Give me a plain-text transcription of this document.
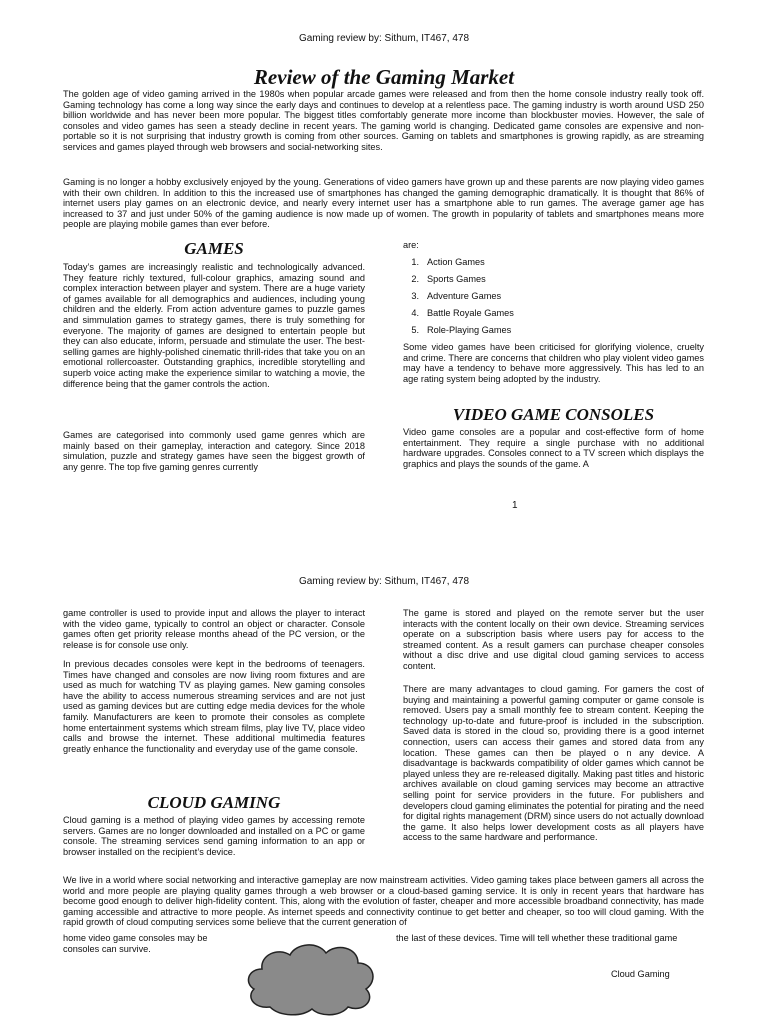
Gaming review by: Sithum, IT467, 478
Review of the Gaming Market

The golden age of video gaming arrived in the 1980s when popular arcade games were released and from then the home console industry really took off. Gaming technology has come a long way since the early days and continues to develop at a relentless pace. The gaming industry is worth around USD 250 billion worldwide and has never been more popular. The biggest titles comfortably generate more income than blockbuster movies. However, the sale of consoles and video games has seen a steady decline in recent years. The gaming world is changing. Dedicated game consoles are expensive and non-portable so it is not surprising that industry growth is coming from other sources. Gaming on tablets and smartphones is growing rapidly, as are streaming services and games played through web browsers and social-networking sites.

Gaming is no longer a hobby exclusively enjoyed by the young. Generations of video gamers have grown up and these parents are now playing video games with their own children. In addition to this the increased use of smartphones has changed the gaming demographic dramatically. It is thought that 86% of internet users play games on an electronic device, and nearly every internet user has a smartphone able to run games. The average gamer age has increased to 37 and just under 50% of the gaming audience is now made up of women. The growth in popularity of tablets and smartphones means more people are playing mobile games than ever before.

GAMES

Today’s games are increasingly realistic and technologically advanced. They feature richly textured, full-colour graphics, amazing sound and complex interaction between player and system. There are a huge variety of games available for all demographics and audiences, including young children and the elderly. From action adventure games to puzzle games and simmulation games to strategy games, there is truly something for everyone. The majority of games are designed to entertain people but they can also educate, inform, persuade and stimulate the user. The best-selling games are highly-polished cinematic thrill-rides that take you on an emotional rollercoaster. Outstanding graphics, incredible storytelling and superb voice acting make the experience similar to watching a movie, the difference being that the gamer controls the action.

Games are categorised into commonly used game genres which are mainly based on their gameplay, interaction and category. Since 2018 simulation, puzzle and strategy games have seen the biggest growth of any genre. The top five gaming genres currently

are:
1. Action Games
2. Sports Games
3. Adventure Games
4. Battle Royale Games
5. Role-Playing Games

Some video games have been criticised for glorifying violence, cruelty and crime. There are concerns that children who play violent video games may have a tendency to behave more aggressively. This has led to an age rating system being adopted by the industry.

VIDEO GAME CONSOLES

Video game consoles are a popular and cost-effective form of home entertainment. They require a single purchase with no additional hardware upgrades. Consoles connect to a TV screen which displays the graphics and plays the sounds of the game. A

1
Gaming review by: Sithum, IT467, 478

game controller is used to provide input and allows the player to interact with the video game, typically to control an object or character. Console games often get priority release months ahead of the PC version, or the release is for console use only.

In previous decades consoles were kept in the bedrooms of teenagers. Times have changed and consoles are now living room fixtures and are used as much for watching TV as playing games. New gaming consoles have the ability to access numerous streaming services and are not just used as gaming devices but are cutting edge media devices for the whole family. Manufacturers are keen to promote their consoles as complete home entertainment systems which stream films, play live TV, place video calls and browse the internet. These additional multimedia features greatly enhance the functionality and everyday use of the game console.

CLOUD GAMING

Cloud gaming is a method of playing video games by accessing remote servers. Games are no longer downloaded and installed on a PC or game console. The streaming services send gaming information to an app or browser installed on the recipient’s device.

The game is stored and played on the remote server but the user interacts with the content locally on their own device. Streaming services operate on a subscription basis where users pay for access to the streamed content. As a result gamers can purchase cheaper consoles without a disc drive and use digital cloud gaming services to access content.

There are many advantages to cloud gaming. For gamers the cost of buying and maintaining a powerful gaming computer or game console is removed. Users pay a small monthly fee to stream content. Keeping the technology up-to-date and future-proof is included in the subscription. Saved data is stored in the cloud so, providing there is a good internet connection, users can access their games and stored data from any location. These games can then be played o n any device. A disadvantage is backwards compatibility of older games which cannot be played unless they are re-released digitally. Making past titles and historic archives available on cloud gaming services may become an attractive selling point for service providers in the future. For publishers and developers cloud gaming eliminates the potential for pirating and the need for digital rights management (DRM) since users do not actually download the game. It also helps lower development costs as all players have access to the same hardware and performance.

We live in a world where social networking and interactive gameplay are now mainstream activities. Video gaming takes place between gamers all across the world and more people are playing quality games through a web browser or a cloud-based gaming service. It is only in recent years that hardware has become good enough to deliver high-fidelity content. This, along with the evolution of faster, cheaper and more accessible broadband connectivity, has made gaming accessible and attractive to more people. As internet speeds and connectivity continue to get better and cheaper, so too will cloud gaming. With the rapid growth of cloud computing services some believe that the current generation of

home video game consoles may be	the last of these devices. Time will tell whether these traditional game
consoles can survive.
Cloud Gaming
